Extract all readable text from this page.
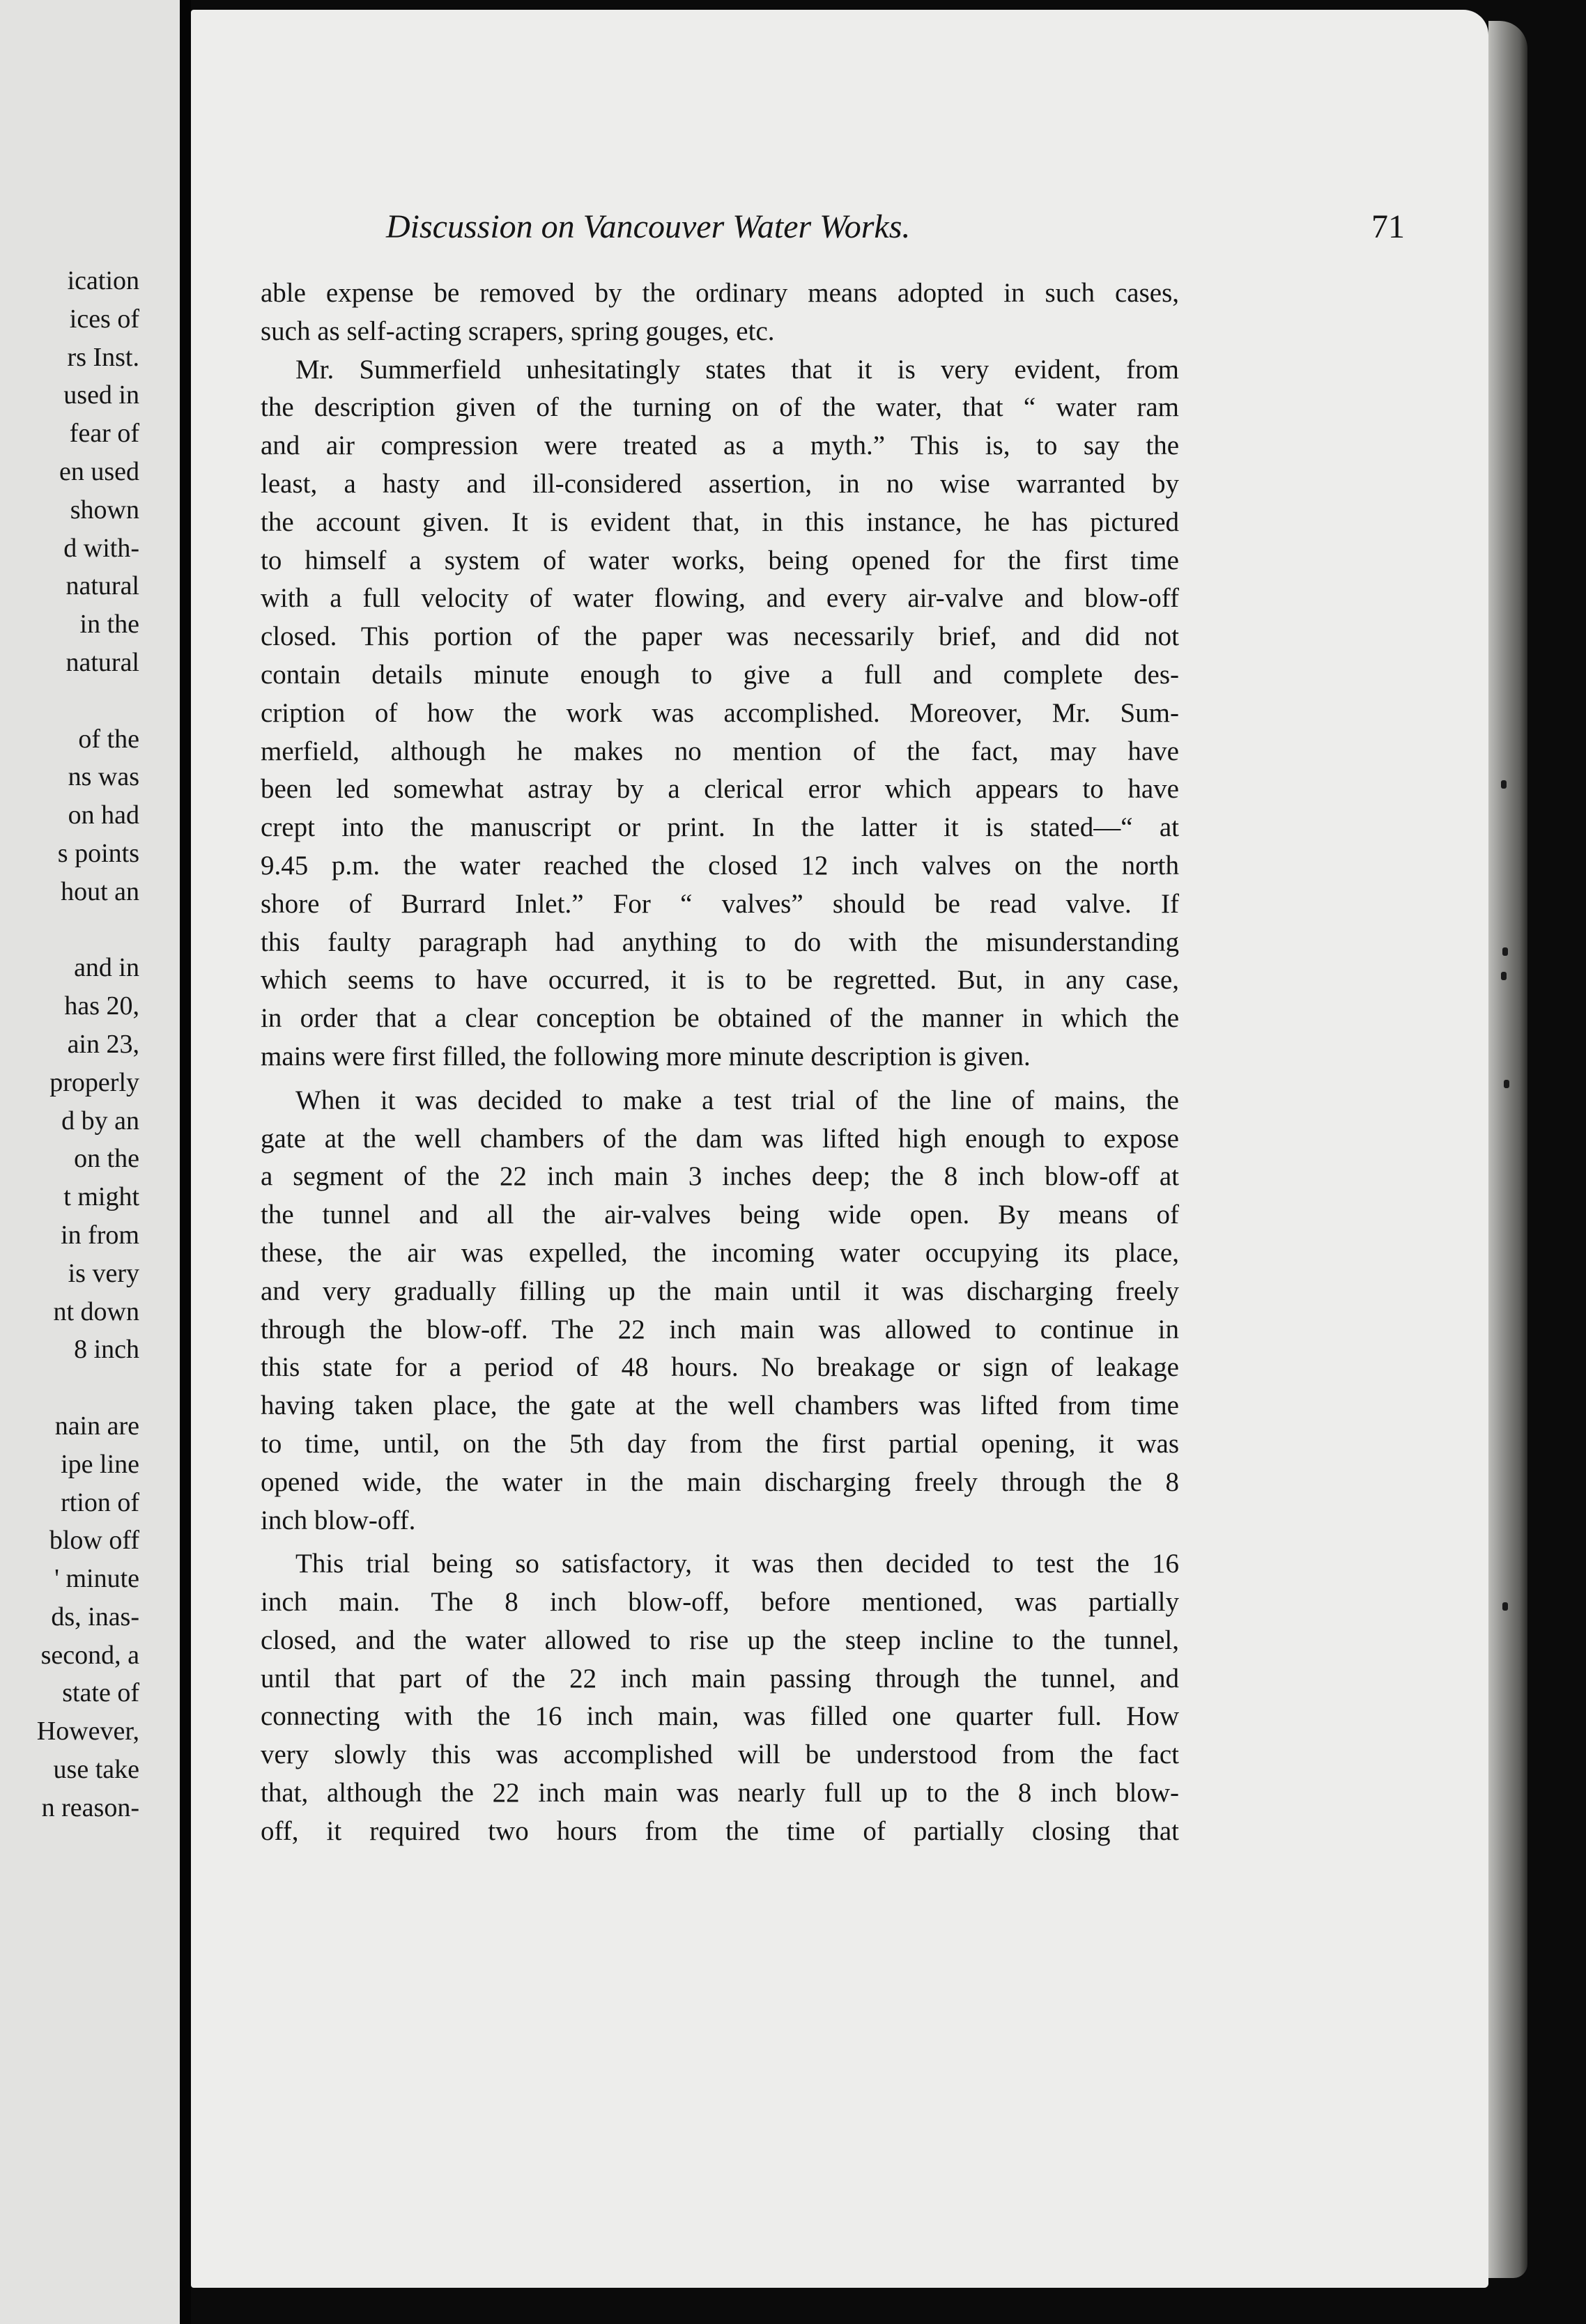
ication
ices of
rs Inst.
used in
fear of
en used
shown
d with-
natural
in the
natural
of the
ns was
on had
s points
hout an
and in
has 20,
ain 23,
properly
d by an
on the
t might
in from
is very
nt down
8 inch
nain are
ipe line
rtion of
blow off
' minute
ds, inas-
second, a
state of
However,
use take
n reason-
Discussion on Vancouver Water Works.	71
able expense be removed by the ordinary means adopted in such cases,
such as self-acting scrapers, spring gouges, etc.
Mr. Summerfield unhesitatingly states that it is very evident, from
the description given of the turning on of the water, that “ water ram
and air compression were treated as a myth.” This is, to say the
least, a hasty and ill-considered assertion, in no wise warranted by
the account given. It is evident that, in this instance, he has pictured
to himself a system of water works, being opened for the first time
with a full velocity of water flowing, and every air-valve and blow-off
closed. This portion of the paper was necessarily brief, and did not
contain details minute enough to give a full and complete des-
cription of how the work was accomplished. Moreover, Mr. Sum-
merfield, although he makes no mention of the fact, may have
been led somewhat astray by a clerical error which appears to have
crept into the manuscript or print. In the latter it is stated—“ at
9.45 p.m. the water reached the closed 12 inch valves on the north
shore of Burrard Inlet.” For “ valves” should be read valve. If
this faulty paragraph had anything to do with the misunderstanding
which seems to have occurred, it is to be regretted. But, in any case,
in order that a clear conception be obtained of the manner in which the
mains were first filled, the following more minute description is given.
When it was decided to make a test trial of the line of mains, the
gate at the well chambers of the dam was lifted high enough to expose
a segment of the 22 inch main 3 inches deep; the 8 inch blow-off at
the tunnel and all the air-valves being wide open. By means of
these, the air was expelled, the incoming water occupying its place,
and very gradually filling up the main until it was discharging freely
through the blow-off. The 22 inch main was allowed to continue in
this state for a period of 48 hours. No breakage or sign of leakage
having taken place, the gate at the well chambers was lifted from time
to time, until, on the 5th day from the first partial opening, it was
opened wide, the water in the main discharging freely through the 8
inch blow-off.
This trial being so satisfactory, it was then decided to test the 16
inch main. The 8 inch blow-off, before mentioned, was partially
closed, and the water allowed to rise up the steep incline to the tunnel,
until that part of the 22 inch main passing through the tunnel, and
connecting with the 16 inch main, was filled one quarter full. How
very slowly this was accomplished will be understood from the fact
that, although the 22 inch main was nearly full up to the 8 inch blow-
off, it required two hours from the time of partially closing that
